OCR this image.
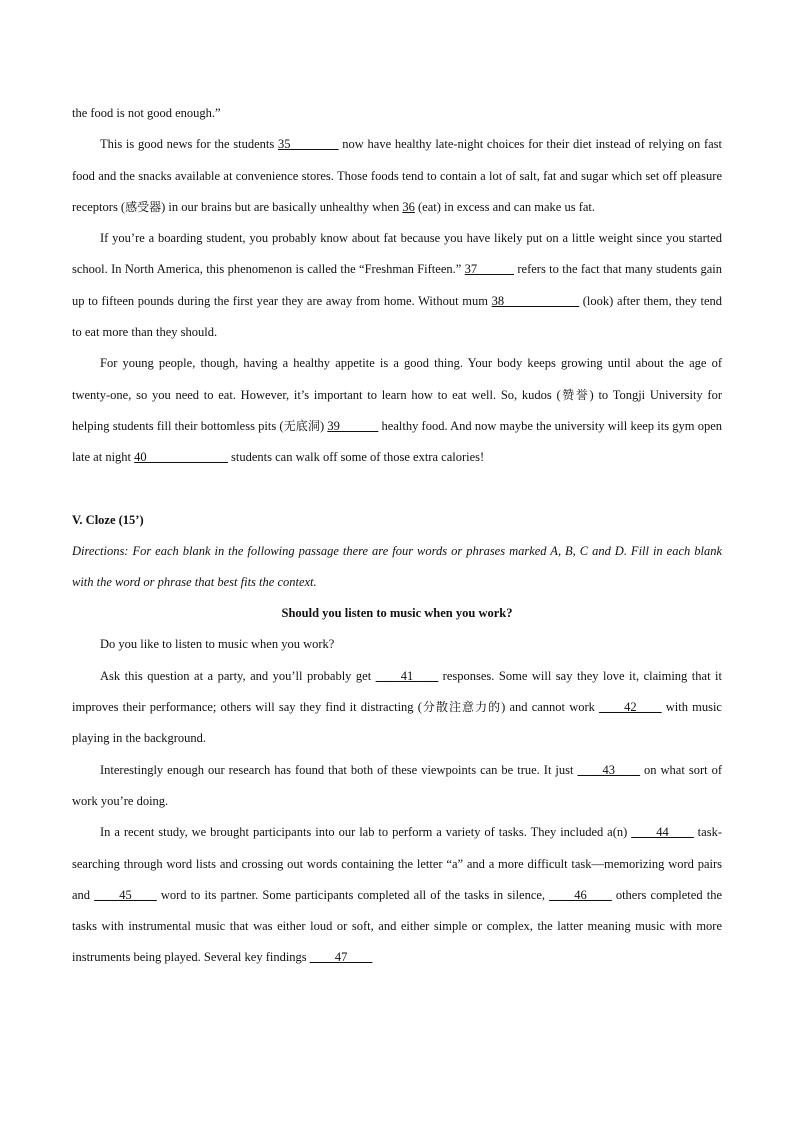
the food is not good enough.”

This is good news for the students 35              now have healthy late-night choices for their diet instead of relying on fast food and the snacks available at convenience stores. Those foods tend to contain a lot of salt, fat and sugar which set off pleasure receptors (感受器) in our brains but are basically unhealthy when 36 (eat) in excess and can make us fat.

If you’re a boarding student, you probably know about fat because you have likely put on a little weight since you started school. In North America, this phenomenon is called the “Freshman Fifteen.” 37            refers to the fact that many students gain up to fifteen pounds during the first year they are away from home. Without mum 38____________ (look) after them, they tend to eat more than they should.

For young people, though, having a healthy appetite is a good thing. Your body keeps growing until about the age of twenty-one, so you need to eat. However, it’s important to learn how to eat well. So, kudos (赞誉) to Tongji University for helping students fill their bottomless pits (无底洞) 39             healthy food. And now maybe the university will keep its gym open late at night 40_____________ students can walk off some of those extra calories!

V. Cloze (15’)

Directions: For each blank in the following passage there are four words or phrases marked A, B, C and D. Fill in each blank with the word or phrase that best fits the context.

Should you listen to music when you work?

Do you like to listen to music when you work?

Ask this question at a party, and you’ll probably get ____41____ responses. Some will say they love it, claiming that it improves their performance; others will say they find it distracting (分散注意力的) and cannot work ____42____ with music playing in the background.

Interestingly enough our research has found that both of these viewpoints can be true. It just ____43____ on what sort of work you’re doing.

In a recent study, we brought participants into our lab to perform a variety of tasks. They included a(n) ____44____ task-searching through word lists and crossing out words containing the letter “a” and a more difficult task—memorizing word pairs and ____45____ word to its partner. Some participants completed all of the tasks in silence, ____46____ others completed the tasks with instrumental music that was either loud or soft, and either simple or complex, the latter meaning music with more instruments being played. Several key findings ____47____
